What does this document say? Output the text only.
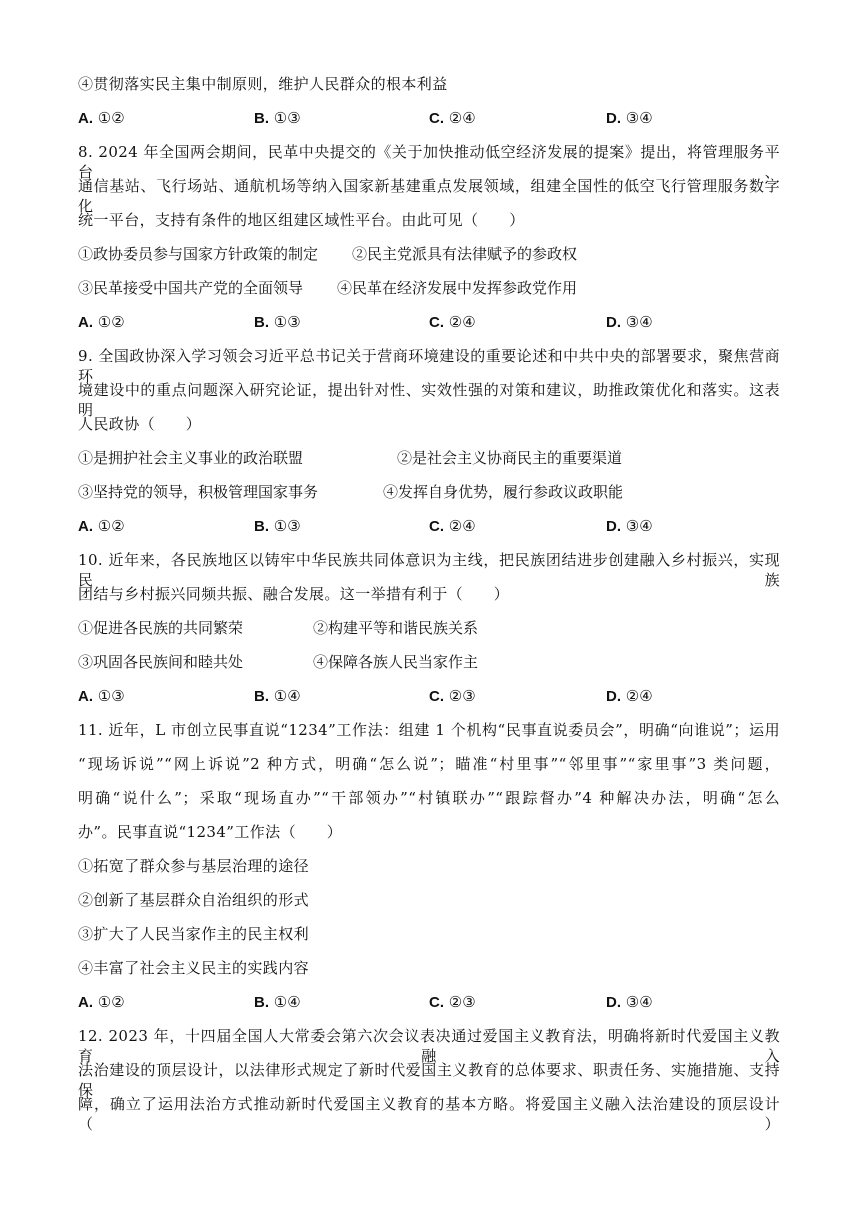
④贯彻落实民主集中制原则，维护人民群众的根本利益
A. ①②	B. ①③	C. ②④	D. ③④
8. 2024 年全国两会期间，民革中央提交的《关于加快推动低空经济发展的提案》提出，将管理服务平台、
通信基站、飞行场站、通航机场等纳入国家新基建重点发展领域，组建全国性的低空飞行管理服务数字化
统一平台，支持有条件的地区组建区域性平台。由此可见（　　）
①政协委员参与国家方针政策的制定 ②民主党派具有法律赋予的参政权
③民革接受中国共产党的全面领导 ④民革在经济发展中发挥参政党作用
A. ①②	B. ①③	C. ②④	D. ③④
9. 全国政协深入学习领会习近平总书记关于营商环境建设的重要论述和中共中央的部署要求，聚焦营商环
境建设中的重点问题深入研究论证，提出针对性、实效性强的对策和建议，助推政策优化和落实。这表明
人民政协（　　）
①是拥护社会主义事业的政治联盟	②是社会主义协商民主的重要渠道
③坚持党的领导，积极管理国家事务	④发挥自身优势，履行参政议政职能
A. ①②	B. ①③	C. ②④	D. ③④
10. 近年来，各民族地区以铸牢中华民族共同体意识为主线，把民族团结进步创建融入乡村振兴，实现民族
团结与乡村振兴同频共振、融合发展。这一举措有利于（　　）
①促进各民族的共同繁荣	②构建平等和谐民族关系
③巩固各民族间和睦共处	④保障各族人民当家作主
A. ①③	B. ①④	C. ②③	D. ②④
11. 近年，L 市创立民事直说“1234”工作法：组建 1 个机构“民事直说委员会”，明确“向谁说”；运用
“现场诉说”“网上诉说”2 种方式，明确“怎么说”；瞄准“村里事”“邻里事”“家里事”3 类问题，
明确“说什么”；采取“现场直办”“干部领办”“村镇联办”“跟踪督办”4 种解决办法，明确“怎么
办”。民事直说“1234”工作法（　　）
①拓宽了群众参与基层治理的途径
②创新了基层群众自治组织的形式
③扩大了人民当家作主的民主权利
④丰富了社会主义民主的实践内容
A. ①②	B. ①④	C. ②③	D. ③④
12. 2023 年，十四届全国人大常委会第六次会议表决通过爱国主义教育法，明确将新时代爱国主义教育融入
法治建设的顶层设计，以法律形式规定了新时代爱国主义教育的总体要求、职责任务、实施措施、支持保
障，确立了运用法治方式推动新时代爱国主义教育的基本方略。将爱国主义融入法治建设的顶层设计（　　）
